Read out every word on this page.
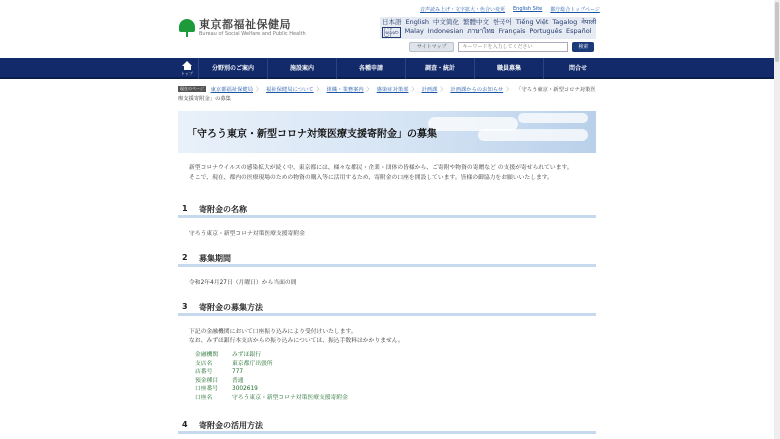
東京都福祉保健局
Bureau of Social Welfare and Public Health
音声読み上げ・文字拡大・色合い変更 English Site 都庁総合トップページ
日本語 English 中文简化 繁體中文 한국어 Tiếng Việt Tagalog नेपाली
မြန်မာ Malay Indonesian ภาษาไทย Français Português Español
サイトマップ
キーワードを入力してください	検索
トップ
分野別のご案内	施設案内	各種申請	調査・統計	職員募集	問合せ
現在のページ 東京都福祉保健局 〉 福祉保健局について 〉 組織・業務案内 〉 感染症対策部 〉 計画課 〉 計画課からのお知らせ 〉 「守ろう東京・新型コロナ対策医療支援寄附金」の募集
「守ろう東京・新型コロナ対策医療支援寄附金」の募集

新型コロナウイルスの感染拡大が続く中、東京都には、様々な都民・企業・団体の皆様から、ご寄附や物資の寄贈など の支援が寄せられています。

そこで、現在、都内の医療現場のための物資の購入等に活用するため、寄附金の口座を開設しています。皆様の御協力をお願いいたします。

1 寄附金の名称
守ろう東京・新型コロナ対策医療支援寄附金
2 募集期間
令和2年4月27日（月曜日）から当面の間
3 寄附金の募集方法
下記の金融機関において口座振り込みにより受付けいたします。
なお、みずほ銀行本支店からの振り込みについては、振込手数料はかかりません。
金融機関	みずほ銀行
支店名	東京都庁出張所
店番号	777
預金種目	普通
口座番号	3002619
口座名	守ろう東京・新型コロナ対策医療支援寄附金
4 寄附金の活用方法
